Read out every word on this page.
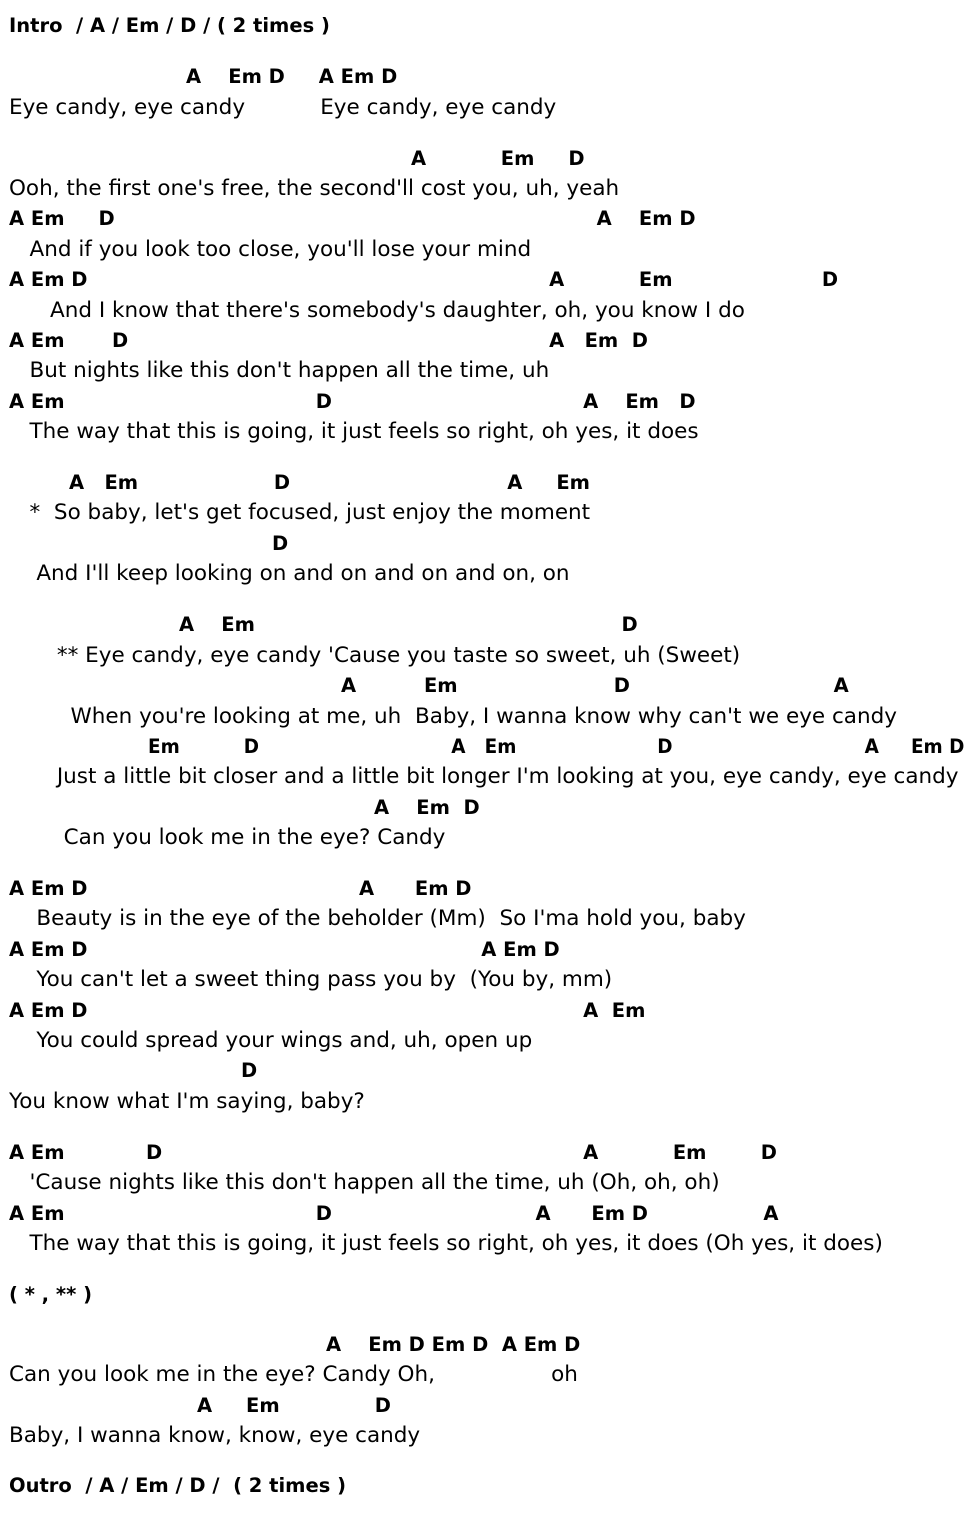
Intro  / A / Em / D / ( 2 times )
A    Em D     A Em D
Eye candy, eye candy           Eye candy, eye candy
A           Em     D
Ooh, the first one's free, the second'll cost you, uh, yeah
A Em     D                                                                       A    Em D
And if you look too close, you'll lose your mind
A Em D                                                                    A           Em                      D
And I know that there's somebody's daughter, oh, you know I do
A Em       D                                                              A   Em  D
But nights like this don't happen all the time, uh
A Em                                     D                                     A    Em   D
The way that this is going, it just feels so right, oh yes, it does
A   Em                    D                                A     Em
*  So baby, let's get focused, just enjoy the moment
D
And I'll keep looking on and on and on and on, on
A    Em                                                      D
** Eye candy, eye candy 'Cause you taste so sweet, uh (Sweet)
A          Em                       D                              A
When you're looking at me, uh  Baby, I wanna know why can't we eye candy
Em          D                              A   Em                      D                              A     Em D
Just a little bit closer and a little bit longer I'm looking at you, eye candy, eye candy
A    Em  D
Can you look me in the eye? Candy
A Em D                                        A      Em D
Beauty is in the eye of the beholder (Mm)  So I'ma hold you, baby
A Em D                                                          A Em D
You can't let a sweet thing pass you by  (You by, mm)
A Em D                                                                         A  Em
You could spread your wings and, uh, open up
D
You know what I'm saying, baby?
A Em            D                                                              A           Em        D
'Cause nights like this don't happen all the time, uh (Oh, oh, oh)
A Em                                     D                              A      Em D                 A
The way that this is going, it just feels so right, oh yes, it does (Oh yes, it does)
( * , ** )
A    Em D Em D  A Em D
Can you look me in the eye? Candy Oh,                 oh
A     Em              D
Baby, I wanna know, know, eye candy
Outro  / A / Em / D /  ( 2 times )
